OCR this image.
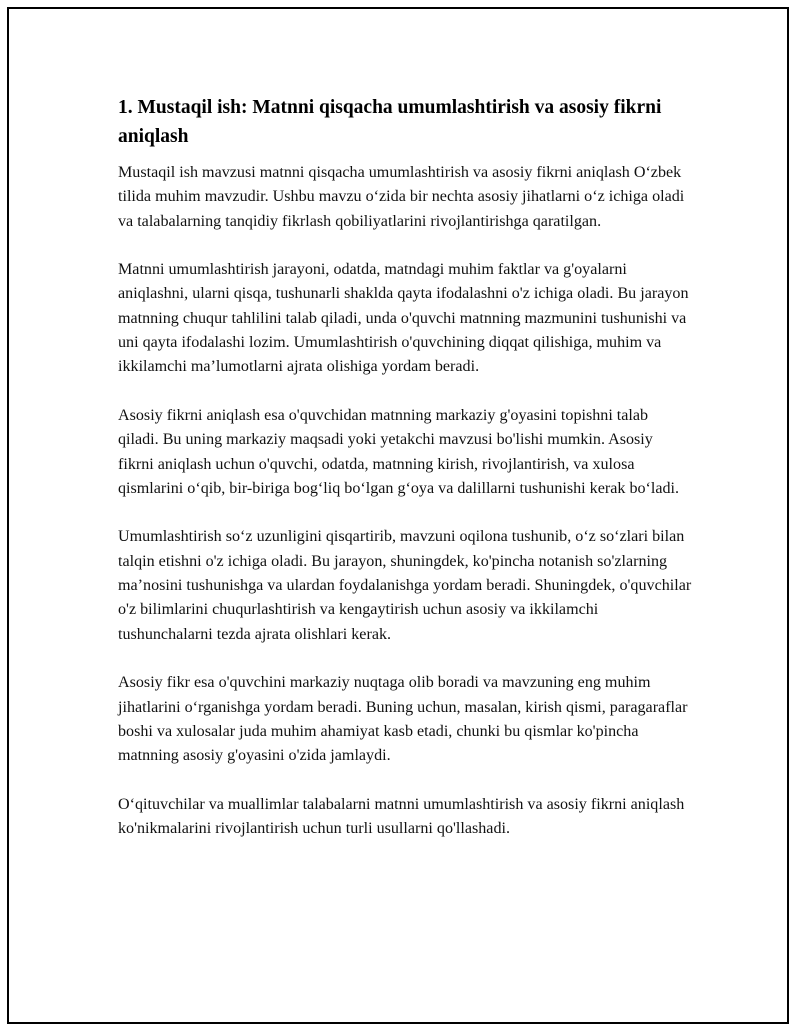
1. Mustaqil ish: Matnni qisqacha umumlashtirish va asosiy fikrni aniqlash

Mustaqil ish mavzusi matnni qisqacha umumlashtirish va asosiy fikrni aniqlash O‘zbek tilida muhim mavzudir. Ushbu mavzu o‘zida bir nechta asosiy jihatlarni o‘z ichiga oladi va talabalarning tanqidiy fikrlash qobiliyatlarini rivojlantirishga qaratilgan.

Matnni umumlashtirish jarayoni, odatda, matndagi muhim faktlar va g'oyalarni aniqlashni, ularni qisqa, tushunarli shaklda qayta ifodalashni o'z ichiga oladi. Bu jarayon matnning chuqur tahlilini talab qiladi, unda o'quvchi matnning mazmunini tushunishi va uni qayta ifodalashi lozim. Umumlashtirish o'quvchining diqqat qilishiga, muhim va ikkilamchi ma’lumotlarni ajrata olishiga yordam beradi.

Asosiy fikrni aniqlash esa o'quvchidan matnning markaziy g'oyasini topishni talab qiladi. Bu uning markaziy maqsadi yoki yetakchi mavzusi bo'lishi mumkin. Asosiy fikrni aniqlash uchun o'quvchi, odatda, matnning kirish, rivojlantirish, va xulosa qismlarini o‘qib, bir-biriga bog‘liq bo‘lgan g‘oya va dalillarni tushunishi kerak bo‘ladi.

Umumlashtirish so‘z uzunligini qisqartirib, mavzuni oqilona tushunib, o‘z so‘zlari bilan talqin etishni o'z ichiga oladi. Bu jarayon, shuningdek, ko'pincha notanish so'zlarning ma’nosini tushunishga va ulardan foydalanishga yordam beradi. Shuningdek, o'quvchilar o'z bilimlarini chuqurlashtirish va kengaytirish uchun asosiy va ikkilamchi tushunchalarni tezda ajrata olishlari kerak.

Asosiy fikr esa o'quvchini markaziy nuqtaga olib boradi va mavzuning eng muhim jihatlarini o‘rganishga yordam beradi. Buning uchun, masalan, kirish qismi, paragaraflar boshi va xulosalar juda muhim ahamiyat kasb etadi, chunki bu qismlar ko'pincha matnning asosiy g'oyasini o'zida jamlaydi.

O‘qituvchilar va muallimlar talabalarni matnni umumlashtirish va asosiy fikrni aniqlash ko'nikmalarini rivojlantirish uchun turli usullarni qo'llashadi.
